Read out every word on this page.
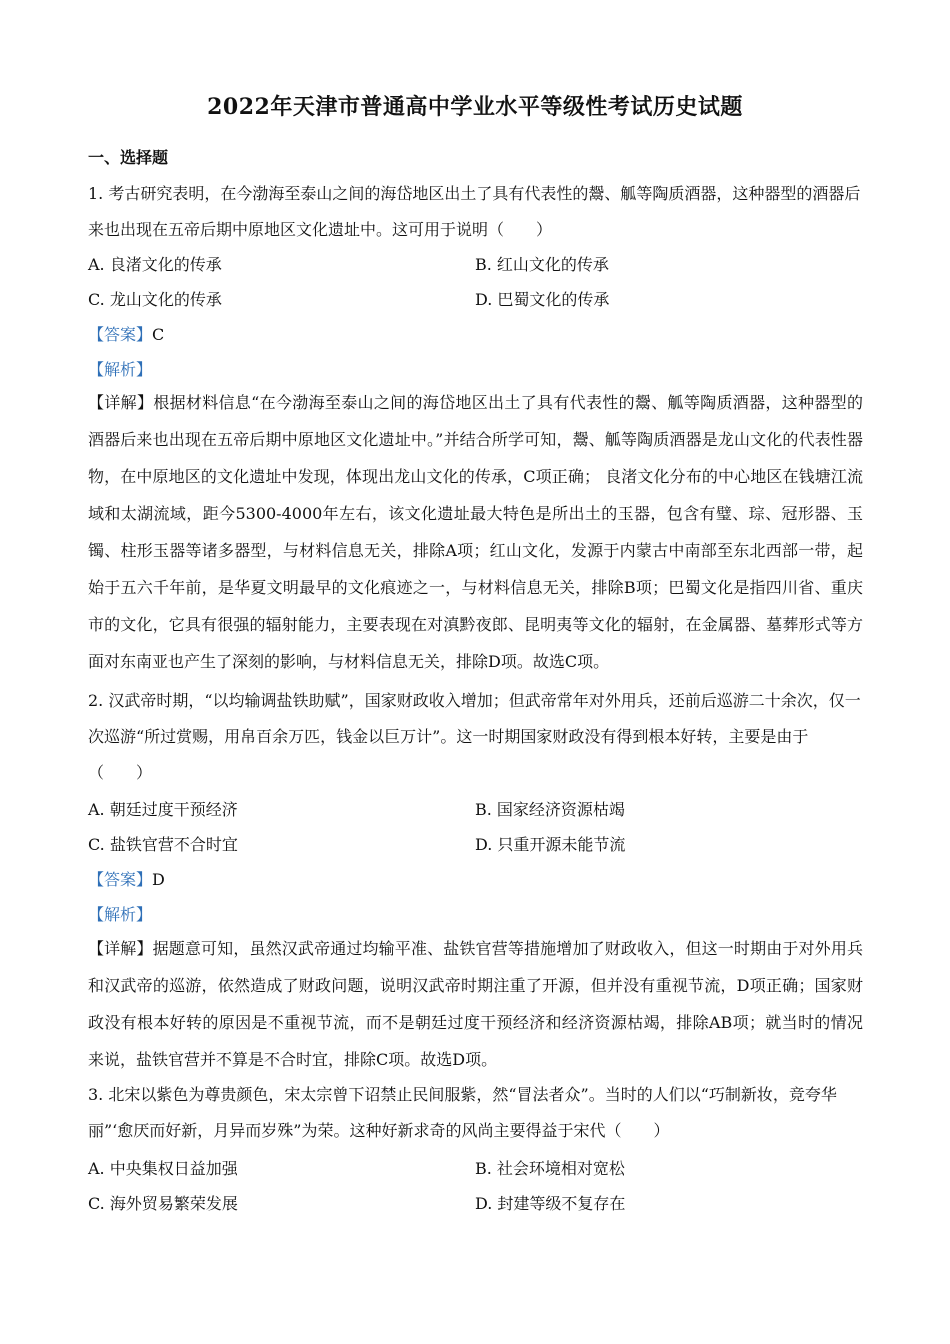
2022年天津市普通高中学业水平等级性考试历史试题
一、选择题
1. 考古研究表明，在今渤海至泰山之间的海岱地区出土了具有代表性的鬶、觚等陶质酒器，这种器型的酒器后来也出现在五帝后期中原地区文化遗址中。这可用于说明（　　）
A. 良渚文化的传承	B. 红山文化的传承
C. 龙山文化的传承	D. 巴蜀文化的传承
【答案】C
【解析】
【详解】根据材料信息“在今渤海至泰山之间的海岱地区出土了具有代表性的鬶、觚等陶质酒器，这种器型的酒器后来也出现在五帝后期中原地区文化遗址中。”并结合所学可知，鬶、觚等陶质酒器是龙山文化的代表性器物，在中原地区的文化遗址中发现，体现出龙山文化的传承，C项正确； 良渚文化分布的中心地区在钱塘江流域和太湖流域，距今5300-4000年左右，该文化遗址最大特色是所出土的玉器，包含有璧、琮、冠形器、玉镯、柱形玉器等诸多器型，与材料信息无关，排除A项；红山文化，发源于内蒙古中南部至东北西部一带，起始于五六千年前，是华夏文明最早的文化痕迹之一，与材料信息无关，排除B项；巴蜀文化是指四川省、重庆市的文化，它具有很强的辐射能力，主要表现在对滇黔夜郎、昆明夷等文化的辐射，在金属器、墓葬形式等方面对东南亚也产生了深刻的影响，与材料信息无关，排除D项。故选C项。
2. 汉武帝时期，“以均输调盐铁助赋”，国家财政收入增加；但武帝常年对外用兵，还前后巡游二十余次，仅一次巡游“所过赏赐，用帛百余万匹，钱金以巨万计”。这一时期国家财政没有得到根本好转，主要是由于（　　）
A. 朝廷过度干预经济	B. 国家经济资源枯竭
C. 盐铁官营不合时宜	D. 只重开源未能节流
【答案】D
【解析】
【详解】据题意可知，虽然汉武帝通过均输平准、盐铁官营等措施增加了财政收入，但这一时期由于对外用兵和汉武帝的巡游，依然造成了财政问题，说明汉武帝时期注重了开源，但并没有重视节流，D项正确；国家财政没有根本好转的原因是不重视节流，而不是朝廷过度干预经济和经济资源枯竭，排除AB项；就当时的情况来说，盐铁官营并不算是不合时宜，排除C项。故选D项。
3. 北宋以紫色为尊贵颜色，宋太宗曾下诏禁止民间服紫，然“冒法者众”。当时的人们以“巧制新妆，竞夸华丽”‘愈厌而好新，月异而岁殊”为荣。这种好新求奇的风尚主要得益于宋代（　　）
A. 中央集权日益加强	B. 社会环境相对宽松
C. 海外贸易繁荣发展	D. 封建等级不复存在
